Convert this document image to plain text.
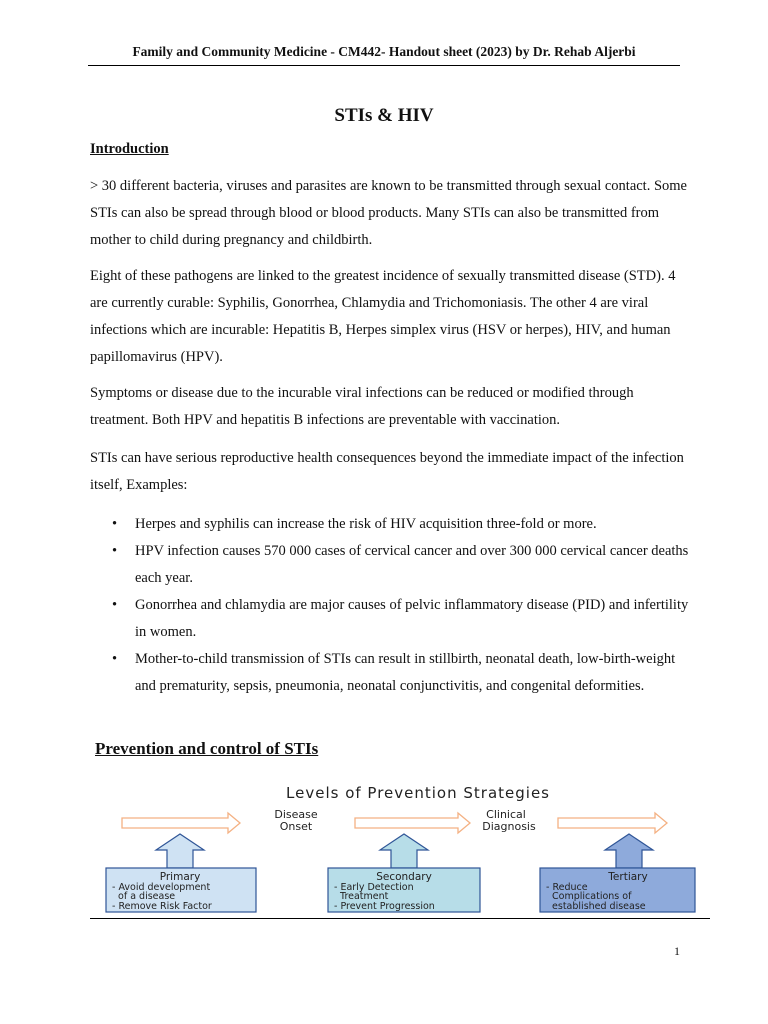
Family and Community Medicine - CM442- Handout sheet (2023) by Dr. Rehab Aljerbi
STIs & HIV
Introduction

> 30 different bacteria, viruses and parasites are known to be transmitted through sexual contact. Some STIs can also be spread through blood or blood products. Many STIs can also be transmitted from mother to child during pregnancy and childbirth.

Eight of these pathogens are linked to the greatest incidence of sexually transmitted disease (STD). 4 are currently curable: Syphilis, Gonorrhea, Chlamydia and Trichomoniasis. The other 4 are viral infections which are incurable: Hepatitis B, Herpes simplex virus (HSV or herpes), HIV, and human papillomavirus (HPV).

Symptoms or disease due to the incurable viral infections can be reduced or modified through treatment. Both HPV and hepatitis B infections are preventable with vaccination.

STIs can have serious reproductive health consequences beyond the immediate impact of the infection itself, Examples:

• Herpes and syphilis can increase the risk of HIV acquisition three-fold or more.
• HPV infection causes 570 000 cases of cervical cancer and over 300 000 cervical cancer deaths each year.
• Gonorrhea and chlamydia are major causes of pelvic inflammatory disease (PID) and infertility in women.
• Mother-to-child transmission of STIs can result in stillbirth, neonatal death, low-birth-weight and prematurity, sepsis, pneumonia, neonatal conjunctivitis, and congenital deformities.
Prevention and control of STIs
Levels of Prevention Strategies
Disease
Onset
Clinical
Diagnosis
Primary
- Avoid development
of a disease
- Remove Risk Factor
Secondary
- Early Detection
Treatment
- Prevent Progression
Tertiary
- Reduce
Complications of
established disease
1
